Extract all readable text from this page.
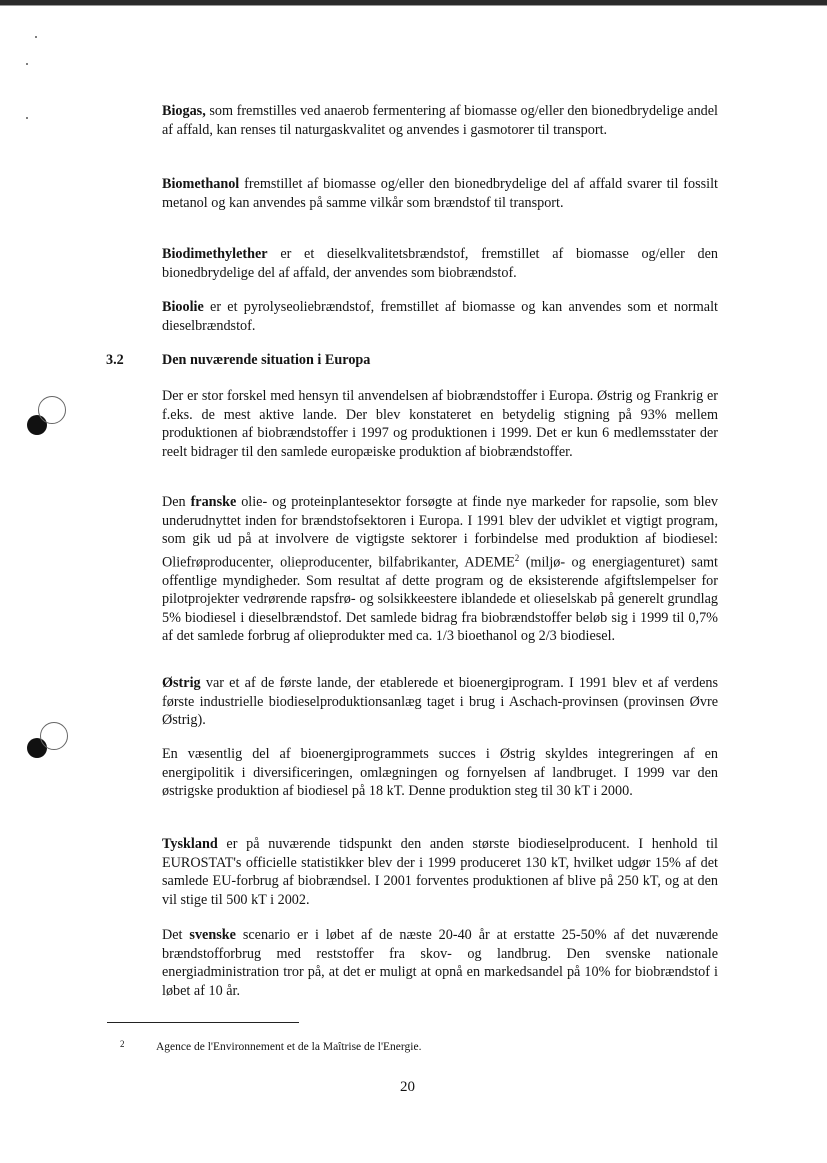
Biogas, som fremstilles ved anaerob fermentering af biomasse og/eller den bionedbrydelige andel af affald, kan renses til naturgaskvalitet og anvendes i gasmotorer til transport.

Biomethanol fremstillet af biomasse og/eller den bionedbrydelige del af affald svarer til fossilt metanol og kan anvendes på samme vilkår som brændstof til transport.

Biodimethylether er et dieselkvalitetsbrændstof, fremstillet af biomasse og/eller den bionedbrydelige del af affald, der anvendes som biobrændstof.

Bioolie er et pyrolyseoliebrændstof, fremstillet af biomasse og kan anvendes som et normalt dieselbrændstof.

3.2	Den nuværende situation i Europa

Der er stor forskel med hensyn til anvendelsen af biobrændstoffer i Europa. Østrig og Frankrig er f.eks. de mest aktive lande. Der blev konstateret en betydelig stigning på 93% mellem produktionen af biobrændstoffer i 1997 og produktionen i 1999. Det er kun 6 medlemsstater der reelt bidrager til den samlede europæiske produktion af biobrændstoffer.

Den franske olie- og proteinplantesektor forsøgte at finde nye markeder for rapsolie, som blev underudnyttet inden for brændstofsektoren i Europa. I 1991 blev der udviklet et vigtigt program, som gik ud på at involvere de vigtigste sektorer i forbindelse med produktion af biodiesel: Oliefrøproducenter, olieproducenter, bilfabrikanter, ADEME$^2$ (miljø- og energiagenturet) samt offentlige myndigheder. Som resultat af dette program og de eksisterende afgiftslempelser for pilotprojekter vedrørende rapsfrø- og solsikkeestere iblandede et olieselskab på generelt grundlag 5% biodiesel i dieselbrændstof. Det samlede bidrag fra biobrændstoffer beløb sig i 1999 til 0,7% af det samlede forbrug af olieprodukter med ca. 1/3 bioethanol og 2/3 biodiesel.

Østrig var et af de første lande, der etablerede et bioenergiprogram. I 1991 blev et af verdens første industrielle biodieselproduktionsanlæg taget i brug i Aschach-provinsen (provinsen Øvre Østrig).

En væsentlig del af bioenergiprogrammets succes i Østrig skyldes integreringen af en energipolitik i diversificeringen, omlægningen og fornyelsen af landbruget. I 1999 var den østrigske produktion af biodiesel på 18 kT. Denne produktion steg til 30 kT i 2000.

Tyskland er på nuværende tidspunkt den anden største biodieselproducent. I henhold til EUROSTAT's officielle statistikker blev der i 1999 produceret 130 kT, hvilket udgør 15% af det samlede EU-forbrug af biobrændsel. I 2001 forventes produktionen af blive på 250 kT, og at den vil stige til 500 kT i 2002.

Det svenske scenario er i løbet af de næste 20-40 år at erstatte 25-50% af det nuværende brændstofforbrug med reststoffer fra skov- og landbrug. Den svenske nationale energiadministration tror på, at det er muligt at opnå en markedsandel på 10% for biobrændstof i løbet af 10 år.

2	Agence de l'Environnement et de la Maîtrise de l'Energie.
20
